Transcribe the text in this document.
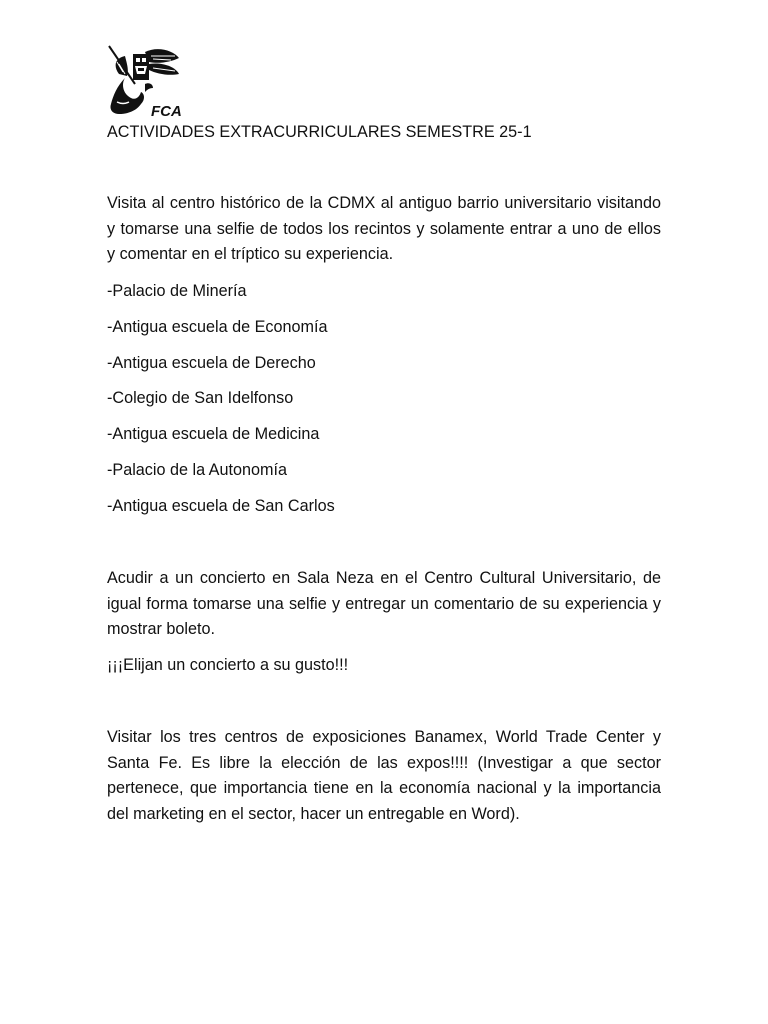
FCA
ACTIVIDADES EXTRACURRICULARES SEMESTRE 25-1

Visita al centro histórico de la CDMX al antiguo barrio universitario visitando y tomarse una selfie de todos los recintos y solamente entrar a uno de ellos y comentar en el tríptico su experiencia.

-Palacio de Minería
-Antigua escuela de Economía
-Antigua escuela de Derecho
-Colegio de San Idelfonso
-Antigua escuela de Medicina
-Palacio de la Autonomía
-Antigua escuela de San Carlos

Acudir a un concierto en Sala Neza en el Centro Cultural Universitario, de igual forma tomarse una selfie y entregar un comentario de su experiencia y mostrar boleto.

¡¡¡Elijan un concierto a su gusto!!!

Visitar los tres centros de exposiciones Banamex, World Trade Center y Santa Fe. Es libre la elección de las expos!!!! (Investigar a que sector pertenece, que importancia tiene en la economía nacional y la importancia del marketing en el sector, hacer un entregable en Word).
